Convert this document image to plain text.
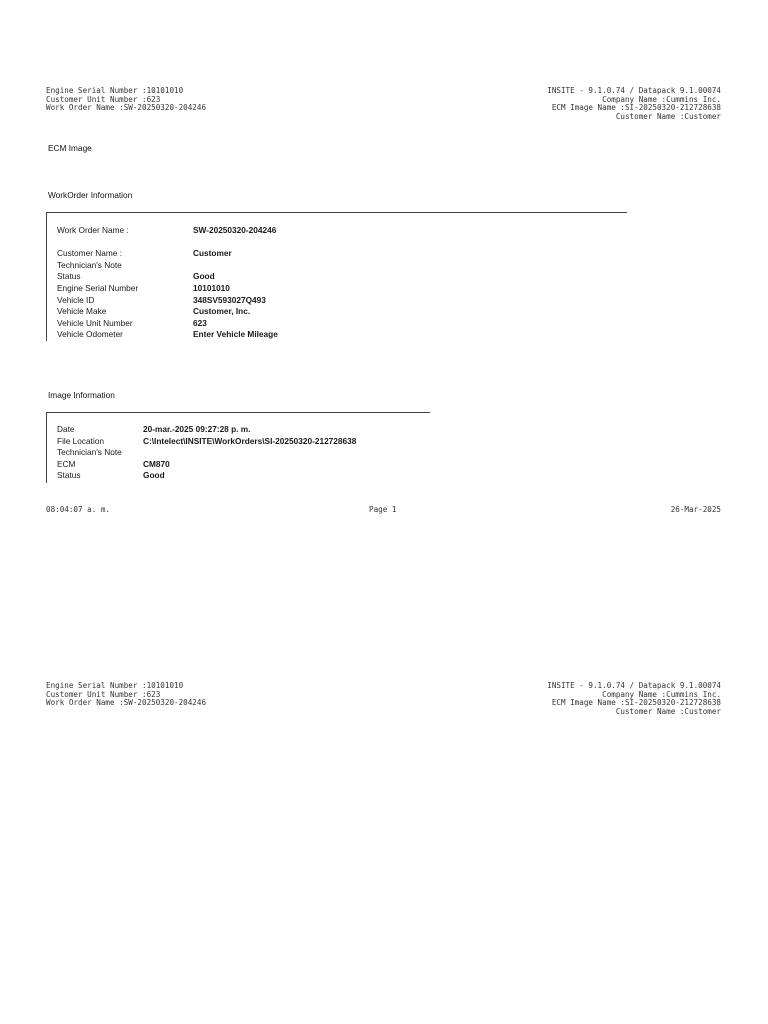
Engine Serial Number :10101010
Customer Unit Number :623
Work Order Name :SW-20250320-204246
INSITE - 9.1.0.74 / Datapack 9.1.00074
Company Name :Cummins Inc.
ECM Image Name :SI-20250320-212728638
Customer Name :Customer
ECM Image
WorkOrder Information
Work Order Name :	SW-20250320-204246
Customer Name :	Customer
Technician's Note
Status	Good
Engine Serial Number	10101010
Vehicle ID	348SV593027Q493
Vehicle Make	Customer, Inc.
Vehicle Unit Number	623
Vehicle Odometer	Enter Vehicle Mileage
Image Information
Date	20-mar.-2025 09:27:28 p. m.
File Location	C:\Intelect\INSITE\WorkOrders\SI-20250320-212728638
Technician's Note
ECM	CM870
Status	Good
08:04:07 a. m.	Page 1	26-Mar-2025
Engine Serial Number :10101010
Customer Unit Number :623
Work Order Name :SW-20250320-204246
INSITE - 9.1.0.74 / Datapack 9.1.00074
Company Name :Cummins Inc.
ECM Image Name :SI-20250320-212728638
Customer Name :Customer
